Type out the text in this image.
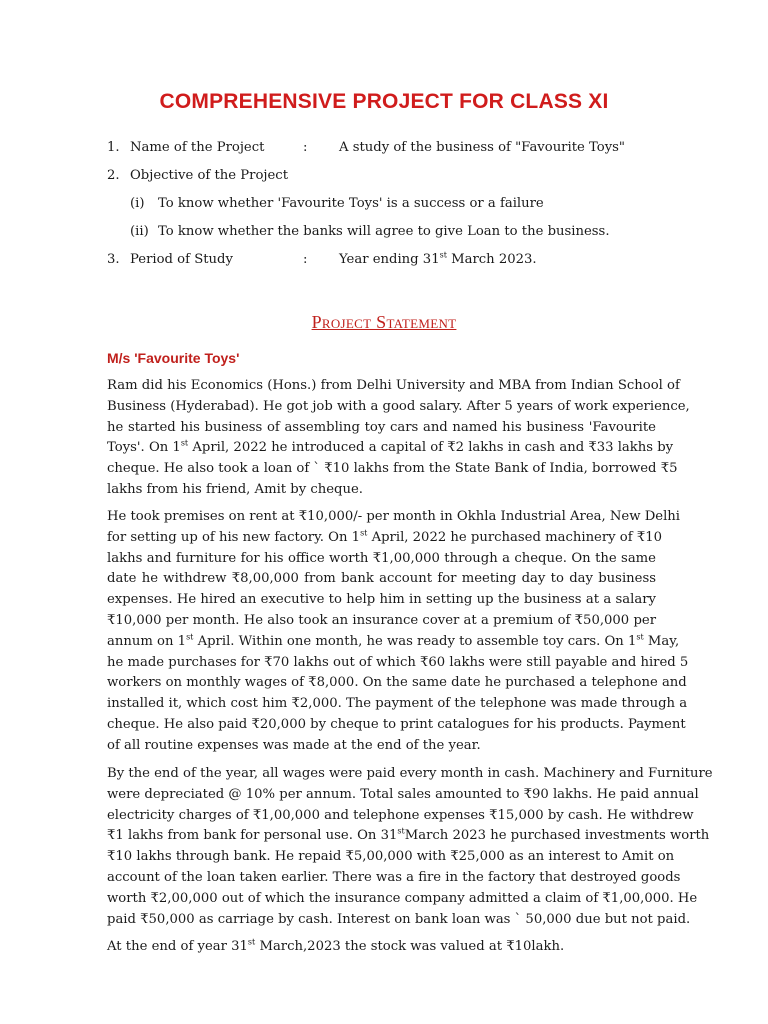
COMPREHENSIVE PROJECT FOR CLASS XI
1. Name of the Project	: A study of the business of "Favourite Toys"
2. Objective of the Project
(i) To know whether 'Favourite Toys' is a success or a failure
(ii) To know whether the banks will agree to give Loan to the business.
3. Period of Study	: Year ending 31st March 2023.
Project Statement
M/s 'Favourite Toys'
Ram did his Economics (Hons.) from Delhi University and MBA from Indian School of
Business (Hyderabad). He got job with a good salary. After 5 years of work experience,
he started his business of assembling toy cars and named his business 'Favourite
Toys'. On 1st April, 2022 he introduced a capital of ₹2 lakhs in cash and ₹33 lakhs by
cheque. He also took a loan of ` ₹10 lakhs from the State Bank of India, borrowed ₹5
lakhs from his friend, Amit by cheque.
He took premises on rent at ₹10,000/- per month in Okhla Industrial Area, New Delhi
for setting up of his new factory. On 1st April, 2022 he purchased machinery of ₹10
lakhs and furniture for his office worth ₹1,00,000 through a cheque. On the same
date he withdrew ₹8,00,000 from bank account for meeting day to day business
expenses. He hired an executive to help him in setting up the business at a salary
₹10,000 per month. He also took an insurance cover at a premium of ₹50,000 per
annum on 1st April. Within one month, he was ready to assemble toy cars. On 1st May,
he made purchases for ₹70 lakhs out of which ₹60 lakhs were still payable and hired 5
workers on monthly wages of ₹8,000. On the same date he purchased a telephone and
installed it, which cost him ₹2,000. The payment of the telephone was made through a
cheque. He also paid ₹20,000 by cheque to print catalogues for his products. Payment
of all routine expenses was made at the end of the year.
By the end of the year, all wages were paid every month in cash. Machinery and Furniture
were depreciated @ 10% per annum. Total sales amounted to ₹90 lakhs. He paid annual
electricity charges of ₹1,00,000 and telephone expenses ₹15,000 by cash. He withdrew
₹1 lakhs from bank for personal use. On 31stMarch 2023 he purchased investments worth
₹10 lakhs through bank. He repaid ₹5,00,000 with ₹25,000 as an interest to Amit on
account of the loan taken earlier. There was a fire in the factory that destroyed goods
worth ₹2,00,000 out of which the insurance company admitted a claim of ₹1,00,000. He
paid ₹50,000 as carriage by cash. Interest on bank loan was ` 50,000 due but not paid.
At the end of year 31st March,2023 the stock was valued at ₹10lakh.
